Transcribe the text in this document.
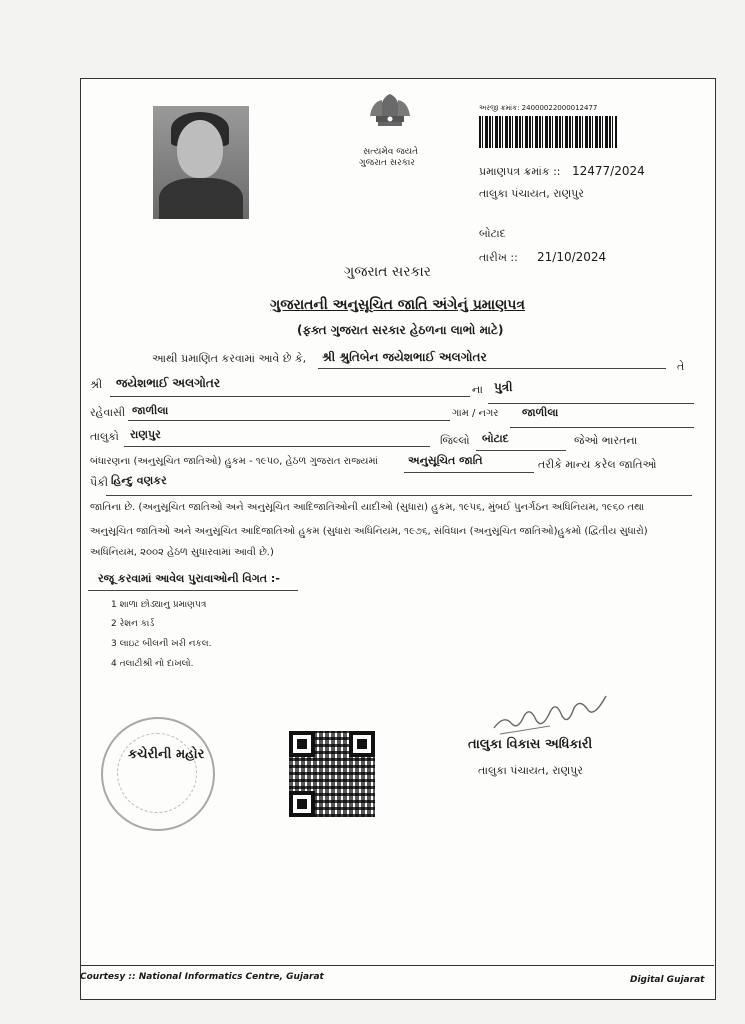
સત્યમેવ જયતે
ગુજરાત સરકાર
અરજી ક્રમાંક: 24000022000012477
પ્રમાણપત્ર ક્રમાંક :: 12477/2024
તાલુકા પંચાયત, રાણપુર
બોટાદ
તારીખ :: 21/10/2024
ગુજરાત સરકાર
ગુજરાતની અનુસૂચિત જાતિ અંગેનું પ્રમાણપત્ર
(ફક્ત ગુજરાત સરકાર હેઠળના લાભો માટે)
આથી પ્રમાણિત કરવામાં આવે છે કે, શ્રી શ્રુતિબેન જયેશભાઈ અલગોતર
તે
શ્રી જયેશભાઈ અલગોતર	ના પુત્રી
રહેવાસી જાળીલા	ગામ / નગર જાળીલા
તાલુકો રાણપુર	જિલ્લો બોટાદ	જેઓ ભારતના
બંધારણના (અનુસૂચિત જાતિઓ) હુકમ - ૧૯૫૦, હેઠળ ગુજરાત રાજ્યમાં	અનુસૂચિત જાતિ	તરીકે માન્ય કરેલ જાતિઓ
પૈકી હિન્દુ વણકર
જાતિના છે. (અનુસૂચિત જાતિઓ અને અનુસૂચિત આદિજાતિઓની યાદીઓ (સુધારા) હુકમ, ૧૯૫૬, મુંબઈ પુનર્ગઠન અધિનિયમ, ૧૯૬૦ તથા
અનુસૂચિત જાતિઓ અને અનુસૂચિત આદિજાતિઓ હુકમ (સુધારા અધિનિયમ, ૧૯૭૬, સંવિધાન (અનુસૂચિત જાતિઓ)હુકમો (દ્વિતીય સુધારો)
અધિનિયમ, ૨૦૦૨ હેઠળ સુધારવામાં આવી છે.)
રજૂ કરવામાં આવેલ પુરાવાઓની વિગત :-
1 શાળા છોડ્યાનુ પ્રમાણપત્ર
2 રેશન કાર્ડ
3 લાઇટ બીલની ખરી નકલ.
4 તલાટીશ્રી નો દાખલો.
કચેરીની મહોર
તાલુકા વિકાસ અધિકારી
તાલુકા પંચાયત, રાણપુર
Courtesy :: National Informatics Centre, Gujarat	Digital Gujarat
